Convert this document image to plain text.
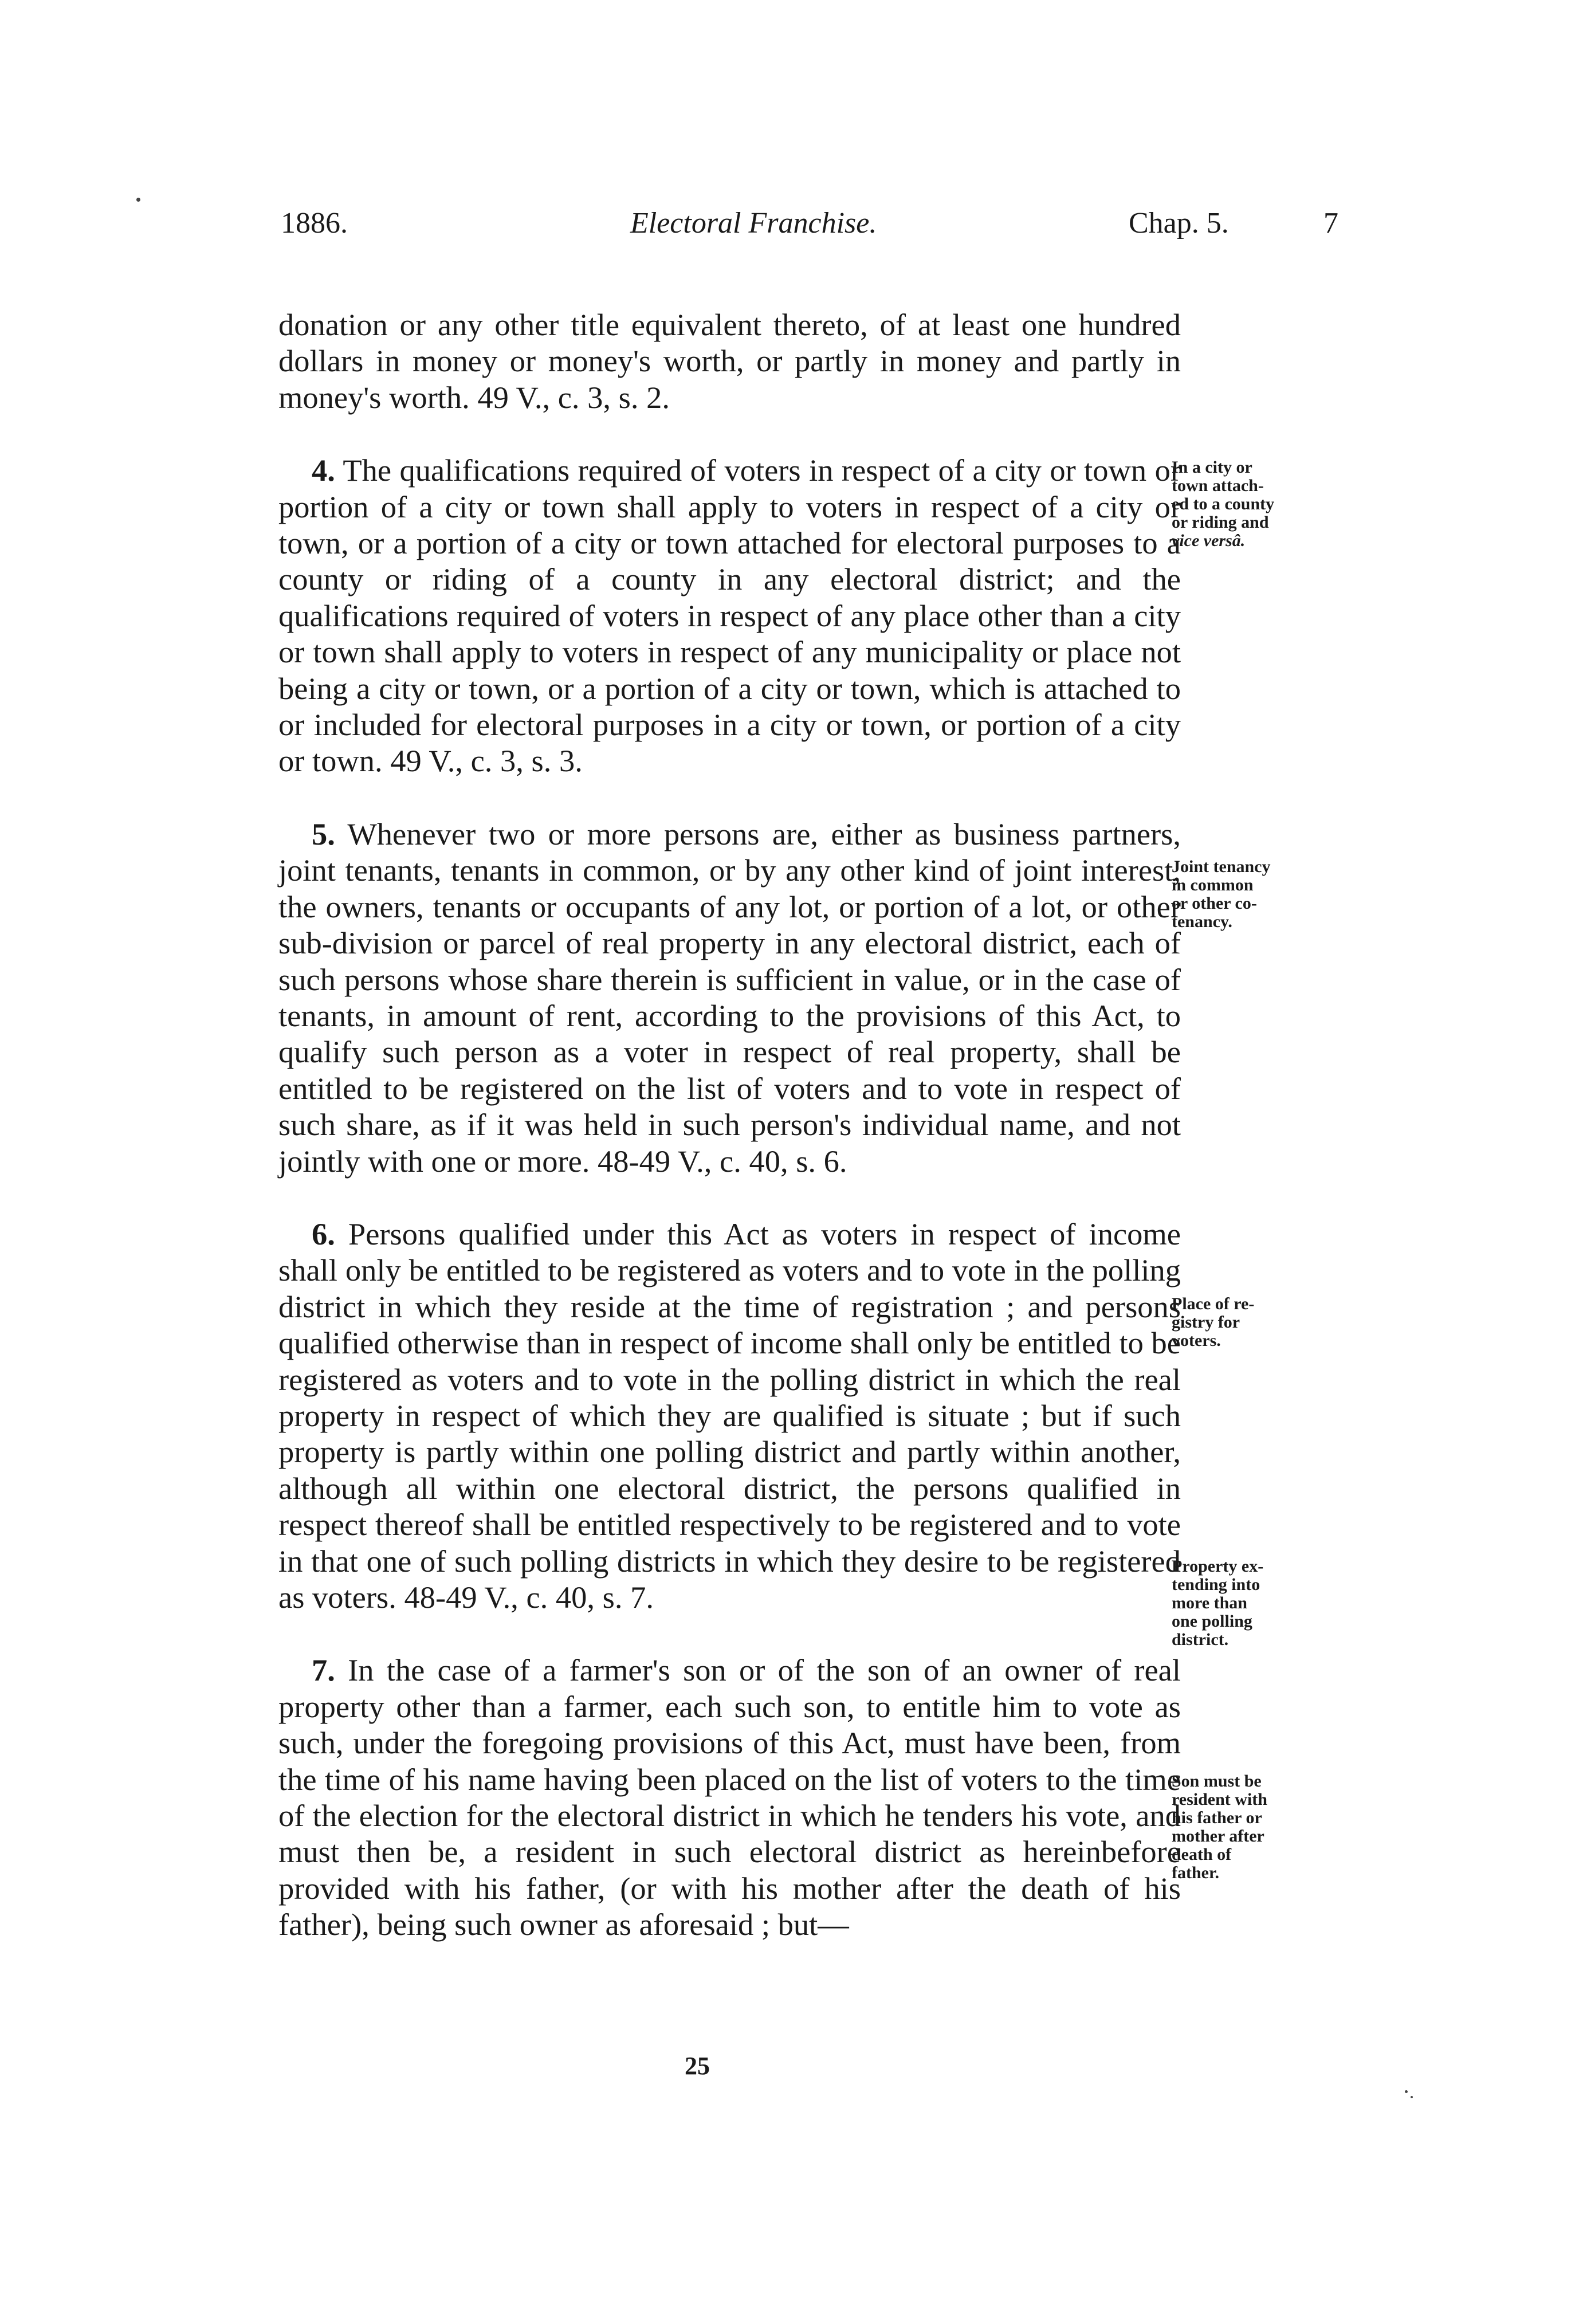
1886.	Electoral Franchise.	Chap. 5.	7

donation or any other title equivalent thereto, of at least one hundred dollars in money or money's worth, or partly in money and partly in money's worth. 49 V., c. 3, s. 2.

4. The qualifications required of voters in respect of a city or town or portion of a city or town shall apply to voters in respect of a city or town, or a portion of a city or town attached for electoral purposes to a county or riding of a county in any electoral district; and the qualifications required of voters in respect of any place other than a city or town shall apply to voters in respect of any municipality or place not being a city or town, or a portion of a city or town, which is attached to or included for electoral purposes in a city or town, or portion of a city or town. 49 V., c. 3, s. 3.

5. Whenever two or more persons are, either as business partners, joint tenants, tenants in common, or by any other kind of joint interest, the owners, tenants or occupants of any lot, or portion of a lot, or other sub-division or parcel of real property in any electoral district, each of such persons whose share therein is sufficient in value, or in the case of tenants, in amount of rent, according to the provisions of this Act, to qualify such person as a voter in respect of real property, shall be entitled to be registered on the list of voters and to vote in respect of such share, as if it was held in such person's individual name, and not jointly with one or more. 48-49 V., c. 40, s. 6.

6. Persons qualified under this Act as voters in respect of income shall only be entitled to be registered as voters and to vote in the polling district in which they reside at the time of registration ; and persons qualified otherwise than in respect of income shall only be entitled to be registered as voters and to vote in the polling district in which the real property in respect of which they are qualified is situate ; but if such property is partly within one polling district and partly within another, although all within one electoral district, the persons qualified in respect thereof shall be entitled respectively to be registered and to vote in that one of such polling districts in which they desire to be registered as voters. 48-49 V., c. 40, s. 7.

7. In the case of a farmer's son or of the son of an owner of real property other than a farmer, each such son, to entitle him to vote as such, under the foregoing provisions of this Act, must have been, from the time of his name having been placed on the list of voters to the time of the election for the electoral district in which he tenders his vote, and must then be, a resident in such electoral district as hereinbefore provided with his father, (or with his mother after the death of his father), being such owner as aforesaid ; but—

In a city or
town attach-
ed to a county
or riding and
vice versâ.
Joint tenancy
in common
or other co-
tenancy.
Place of re-
gistry for
voters.
Property ex-
tending into
more than
one polling
district.
Son must be
resident with
his father or
mother after
death of
father.
25
